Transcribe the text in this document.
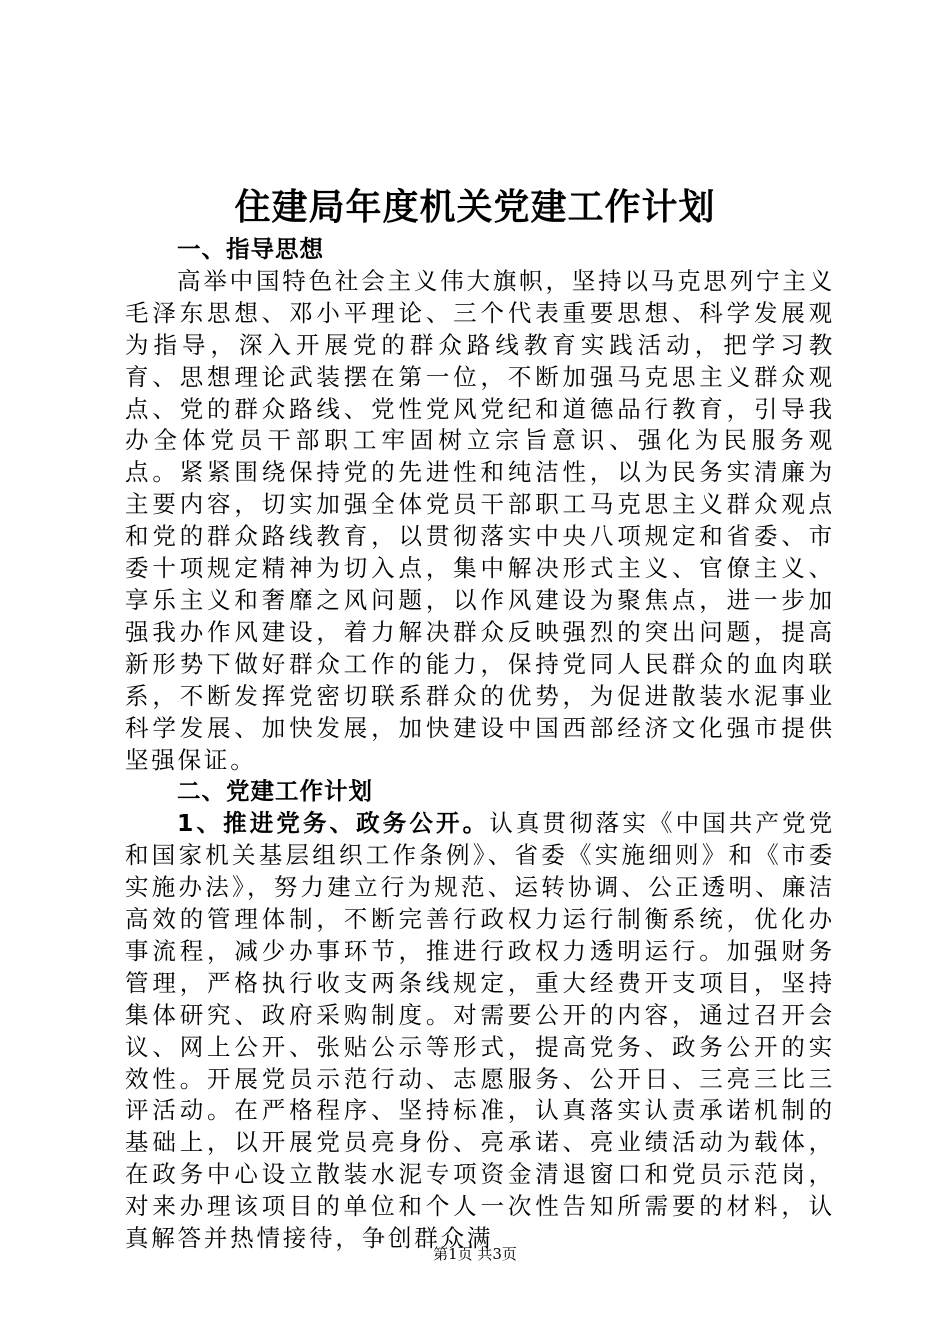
住建局年度机关党建工作计划

一、指导思想

高举中国特色社会主义伟大旗帜，坚持以马克思列宁主义毛泽东思想、邓小平理论、三个代表重要思想、科学发展观为指导，深入开展党的群众路线教育实践活动，把学习教育、思想理论武装摆在第一位，不断加强马克思主义群众观点、党的群众路线、党性党风党纪和道德品行教育，引导我办全体党员干部职工牢固树立宗旨意识、强化为民服务观点。紧紧围绕保持党的先进性和纯洁性，以为民务实清廉为主要内容，切实加强全体党员干部职工马克思主义群众观点和党的群众路线教育，以贯彻落实中央八项规定和省委、市委十项规定精神为切入点，集中解决形式主义、官僚主义、享乐主义和奢靡之风问题，以作风建设为聚焦点，进一步加强我办作风建设，着力解决群众反映强烈的突出问题，提高新形势下做好群众工作的能力，保持党同人民群众的血肉联系，不断发挥党密切联系群众的优势，为促进散装水泥事业科学发展、加快发展，加快建设中国西部经济文化强市提供坚强保证。

二、党建工作计划

1、推进党务、政务公开。认真贯彻落实《中国共产党党和国家机关基层组织工作条例》、省委《实施细则》和《市委实施办法》，努力建立行为规范、运转协调、公正透明、廉洁高效的管理体制，不断完善行政权力运行制衡系统，优化办事流程，减少办事环节，推进行政权力透明运行。加强财务管理，严格执行收支两条线规定，重大经费开支项目，坚持集体研究、政府采购制度。对需要公开的内容，通过召开会议、网上公开、张贴公示等形式，提高党务、政务公开的实效性。开展党员示范行动、志愿服务、公开日、三亮三比三评活动。在严格程序、坚持标准，认真落实认责承诺机制的基础上，以开展党员亮身份、亮承诺、亮业绩活动为载体，在政务中心设立散装水泥专项资金清退窗口和党员示范岗，对来办理该项目的单位和个人一次性告知所需要的材料，认真解答并热情接待，争创群众满

第1页 共3页
